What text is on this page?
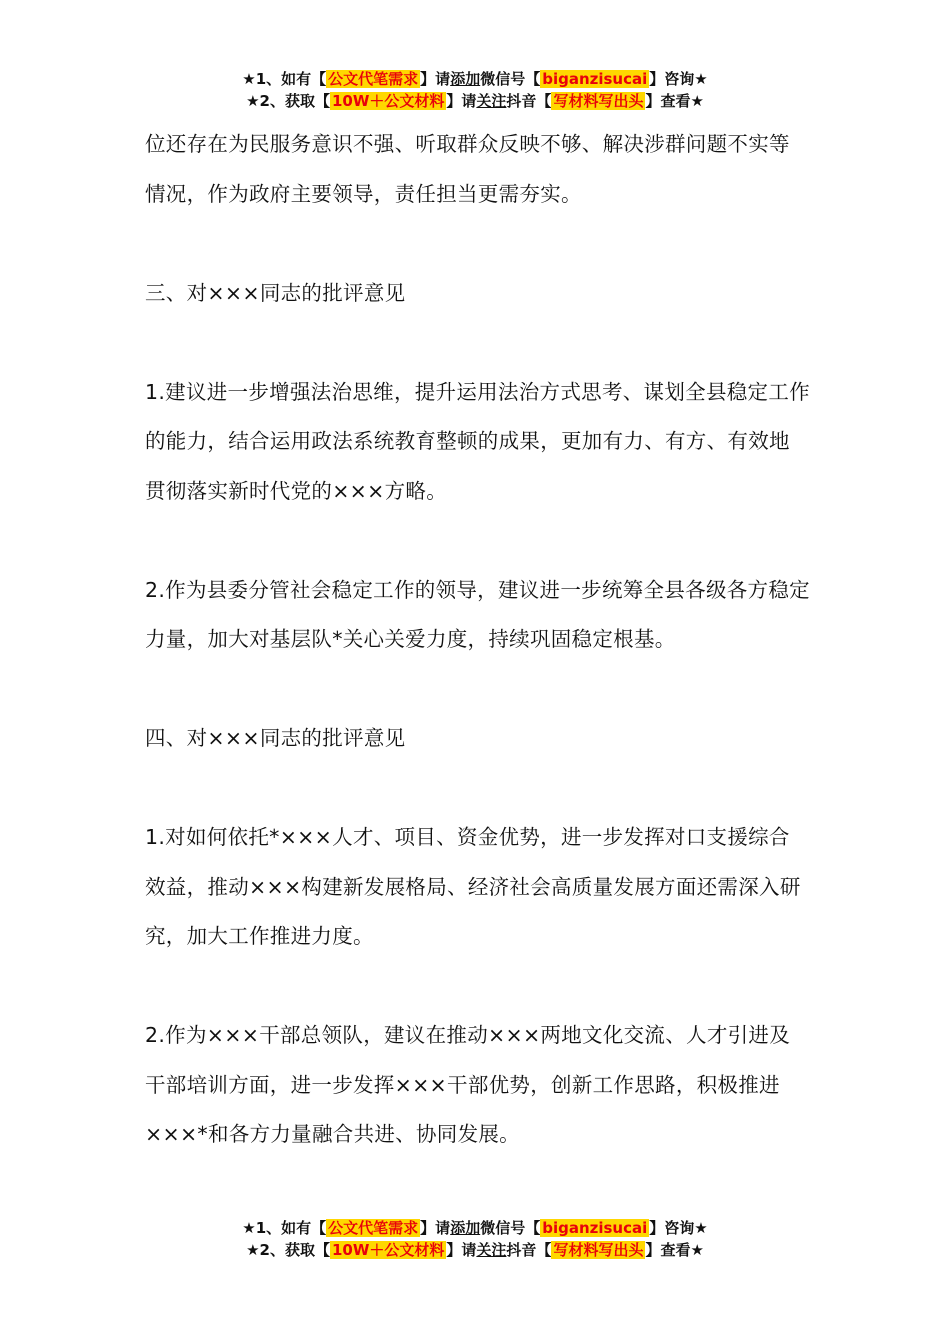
★1、如有【 公文代笔需求 】请添加微信号【 biganzisucai 】咨询★
★2、获取【 10W＋公文材料 】请关注抖音【 写材料写出头 】查看★

位还存在为民服务意识不强、听取群众反映不够、解决涉群问题不实等情况，作为政府主要领导，责任担当更需夯实。

三、对×××同志的批评意见

1.建议进一步增强法治思维，提升运用法治方式思考、谋划全县稳定工作的能力，结合运用政法系统教育整顿的成果，更加有力、有方、有效地贯彻落实新时代党的×××方略。

2.作为县委分管社会稳定工作的领导，建议进一步统筹全县各级各方稳定力量，加大对基层队*关心关爱力度，持续巩固稳定根基。

四、对×××同志的批评意见

1.对如何依托*×××人才、项目、资金优势，进一步发挥对口支援综合效益，推动×××构建新发展格局、经济社会高质量发展方面还需深入研究，加大工作推进力度。

2.作为×××干部总领队，建议在推动×××两地文化交流、人才引进及干部培训方面，进一步发挥×××干部优势，创新工作思路，积极推进×××*和各方力量融合共进、协同发展。

★1、如有【 公文代笔需求 】请添加微信号【 biganzisucai 】咨询★
★2、获取【 10W＋公文材料 】请关注抖音【 写材料写出头 】查看★
